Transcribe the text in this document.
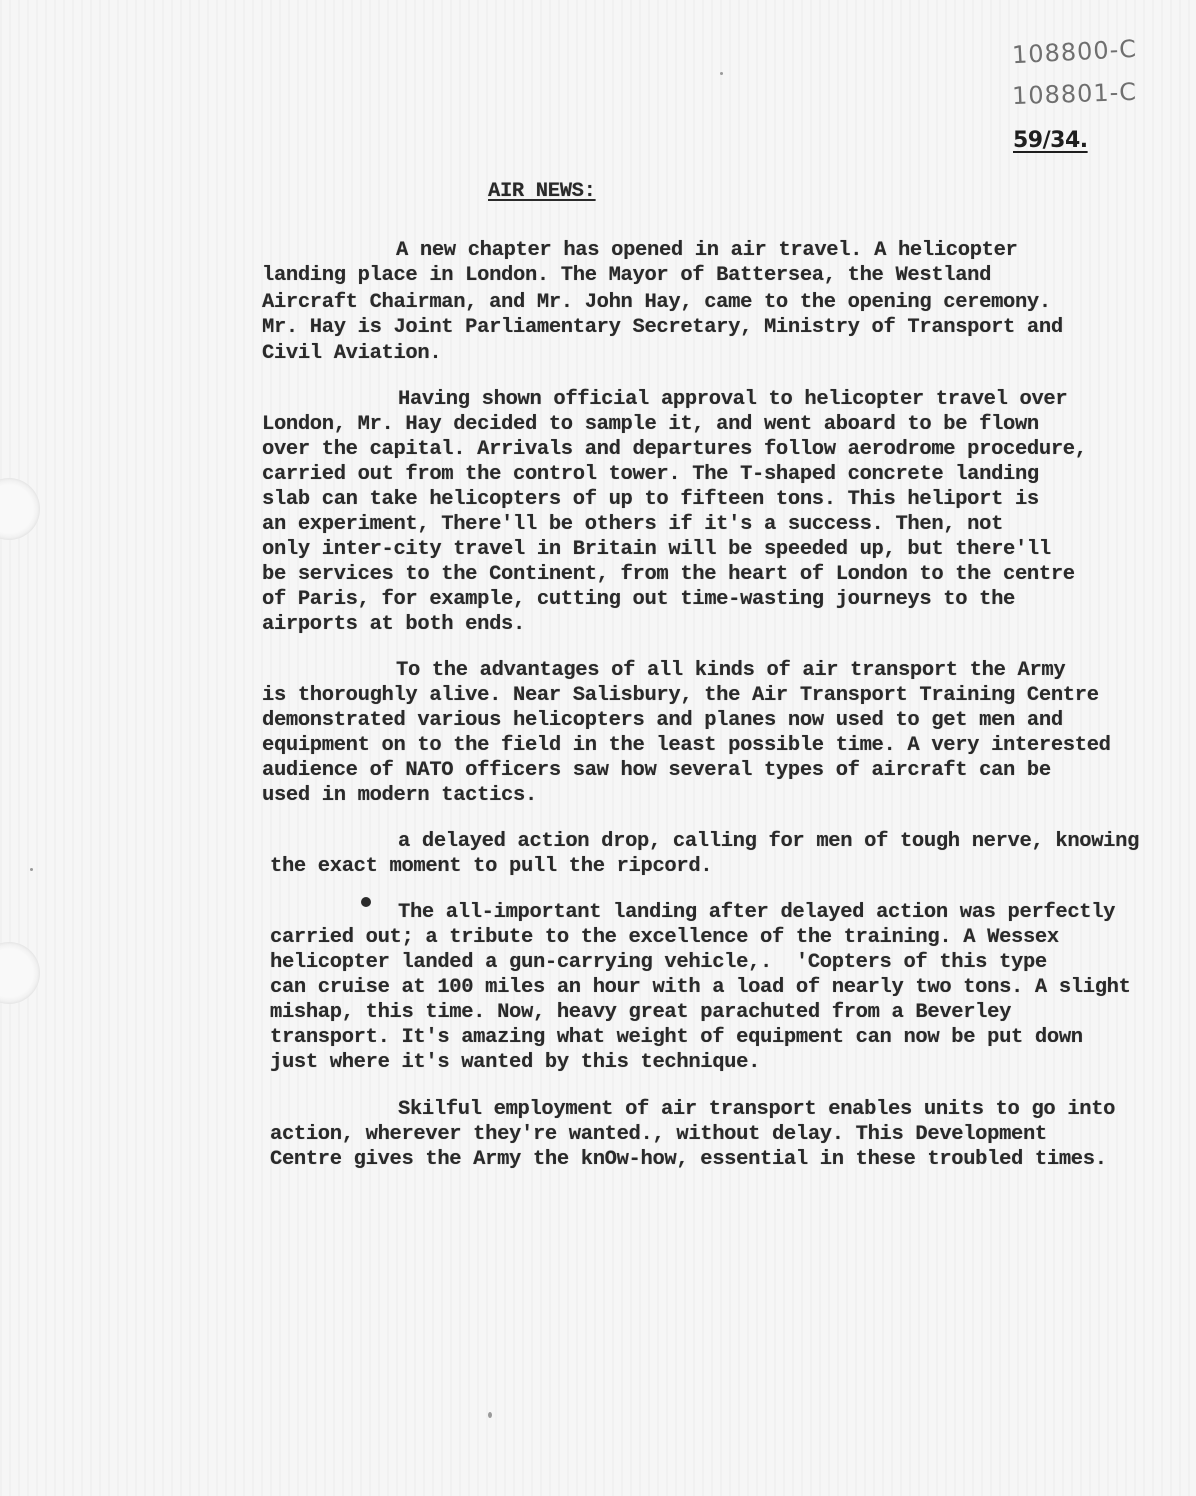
108800-C
108801-C
59/34.
AIR NEWS:
A new chapter has opened in air travel. A helicopter
landing place in London. The Mayor of Battersea, the Westland
Aircraft Chairman, and Mr. John Hay, came to the opening ceremony.
Mr. Hay is Joint Parliamentary Secretary, Ministry of Transport and
Civil Aviation.
Having shown official approval to helicopter travel over
London, Mr. Hay decided to sample it, and went aboard to be flown
over the capital. Arrivals and departures follow aerodrome procedure,
carried out from the control tower. The T-shaped concrete landing
slab can take helicopters of up to fifteen tons. This heliport is
an experiment, There'll be others if it's a success. Then, not
only inter-city travel in Britain will be speeded up, but there'll
be services to the Continent, from the heart of London to the centre
of Paris, for example, cutting out time-wasting journeys to the
airports at both ends.
To the advantages of all kinds of air transport the Army
is thoroughly alive. Near Salisbury, the Air Transport Training Centre
demonstrated various helicopters and planes now used to get men and
equipment on to the field in the least possible time. A very interested
audience of NATO officers saw how several types of aircraft can be
used in modern tactics.
a delayed action drop, calling for men of tough nerve, knowing
the exact moment to pull the ripcord.
The all-important landing after delayed action was perfectly
carried out; a tribute to the excellence of the training. A Wessex
helicopter landed a gun-carrying vehicle,.  'Copters of this type
can cruise at 100 miles an hour with a load of nearly two tons. A slight
mishap, this time. Now, heavy great parachuted from a Beverley
transport. It's amazing what weight of equipment can now be put down
just where it's wanted by this technique.
Skilful employment of air transport enables units to go into
action, wherever they're wanted., without delay. This Development
Centre gives the Army the knOw-how, essential in these troubled times.
